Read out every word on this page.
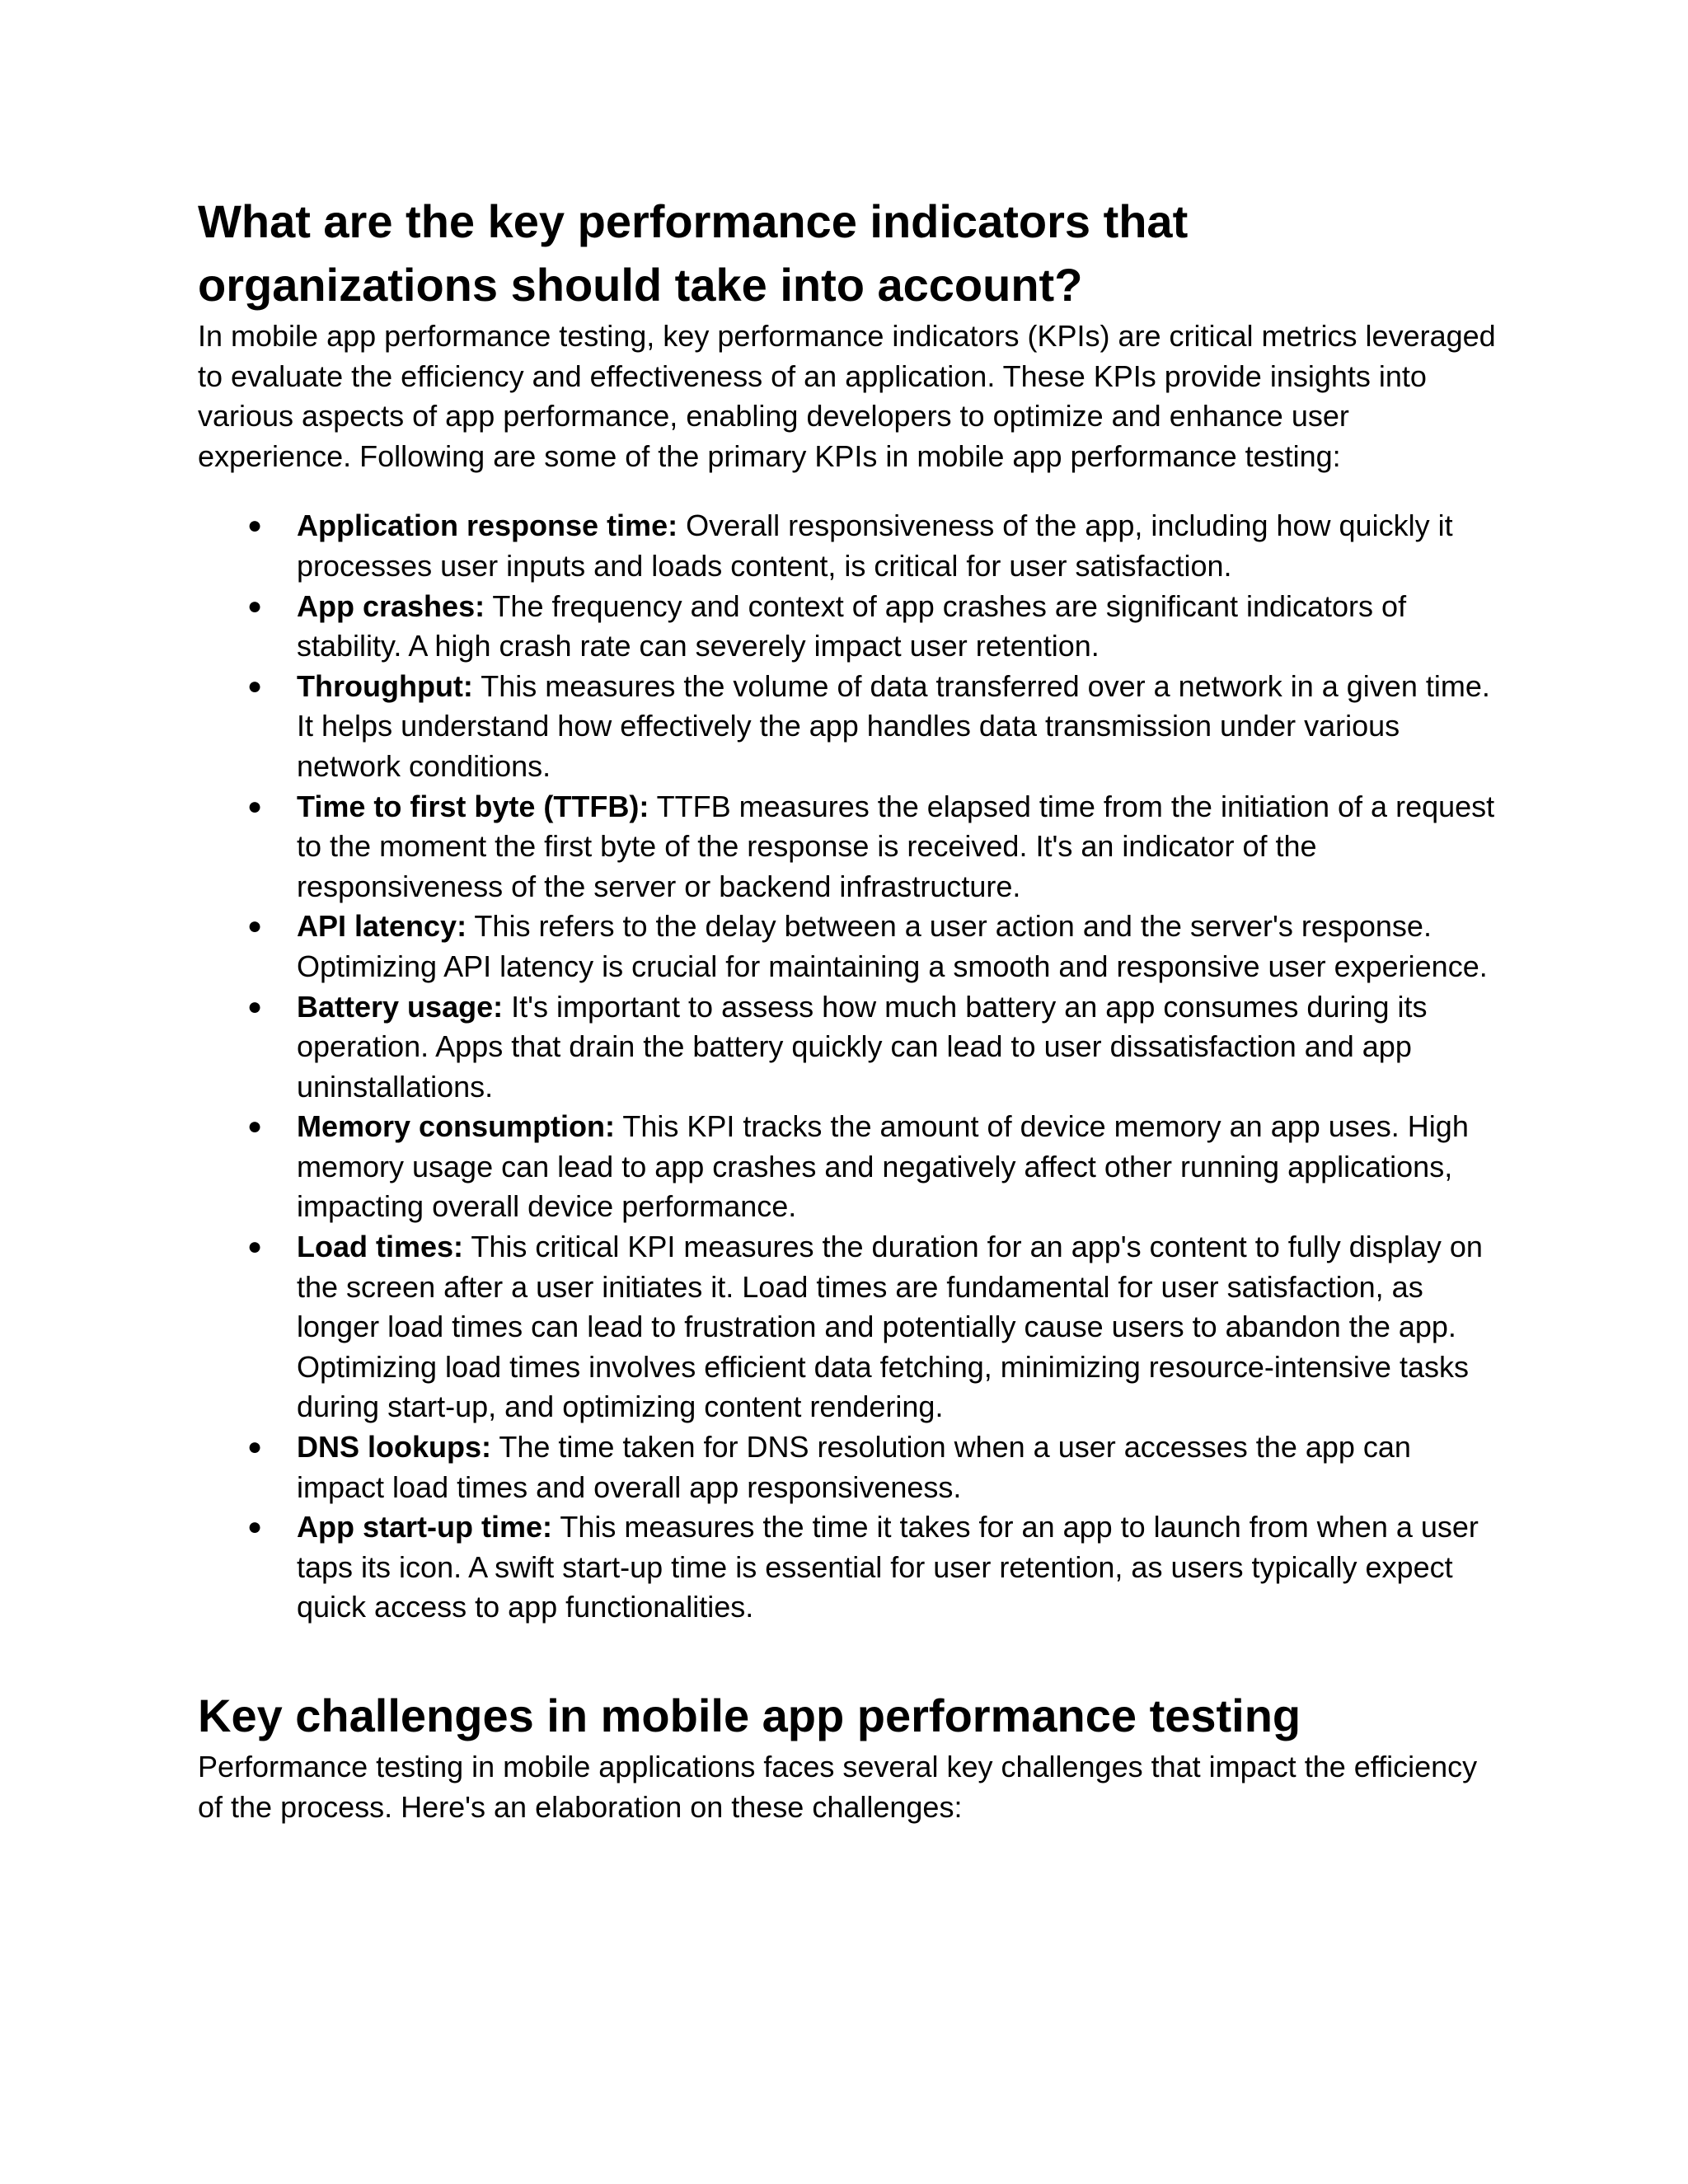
What are the key performance indicators that organizations should take into account?

In mobile app performance testing, key performance indicators (KPIs) are critical metrics leveraged to evaluate the efficiency and effectiveness of an application. These KPIs provide insights into various aspects of app performance, enabling developers to optimize and enhance user experience. Following are some of the primary KPIs in mobile app performance testing:

● Application response time: Overall responsiveness of the app, including how quickly it processes user inputs and loads content, is critical for user satisfaction.
● App crashes: The frequency and context of app crashes are significant indicators of stability. A high crash rate can severely impact user retention.
● Throughput: This measures the volume of data transferred over a network in a given time. It helps understand how effectively the app handles data transmission under various network conditions.
● Time to first byte (TTFB): TTFB measures the elapsed time from the initiation of a request to the moment the first byte of the response is received. It's an indicator of the responsiveness of the server or backend infrastructure.
● API latency: This refers to the delay between a user action and the server's response. Optimizing API latency is crucial for maintaining a smooth and responsive user experience.
● Battery usage: It's important to assess how much battery an app consumes during its operation. Apps that drain the battery quickly can lead to user dissatisfaction and app uninstallations.
● Memory consumption: This KPI tracks the amount of device memory an app uses. High memory usage can lead to app crashes and negatively affect other running applications, impacting overall device performance.
● Load times: This critical KPI measures the duration for an app's content to fully display on the screen after a user initiates it. Load times are fundamental for user satisfaction, as longer load times can lead to frustration and potentially cause users to abandon the app. Optimizing load times involves efficient data fetching, minimizing resource-intensive tasks during start-up, and optimizing content rendering.
● DNS lookups: The time taken for DNS resolution when a user accesses the app can impact load times and overall app responsiveness.
● App start-up time: This measures the time it takes for an app to launch from when a user taps its icon. A swift start-up time is essential for user retention, as users typically expect quick access to app functionalities.
Key challenges in mobile app performance testing

Performance testing in mobile applications faces several key challenges that impact the efficiency of the process. Here's an elaboration on these challenges:
